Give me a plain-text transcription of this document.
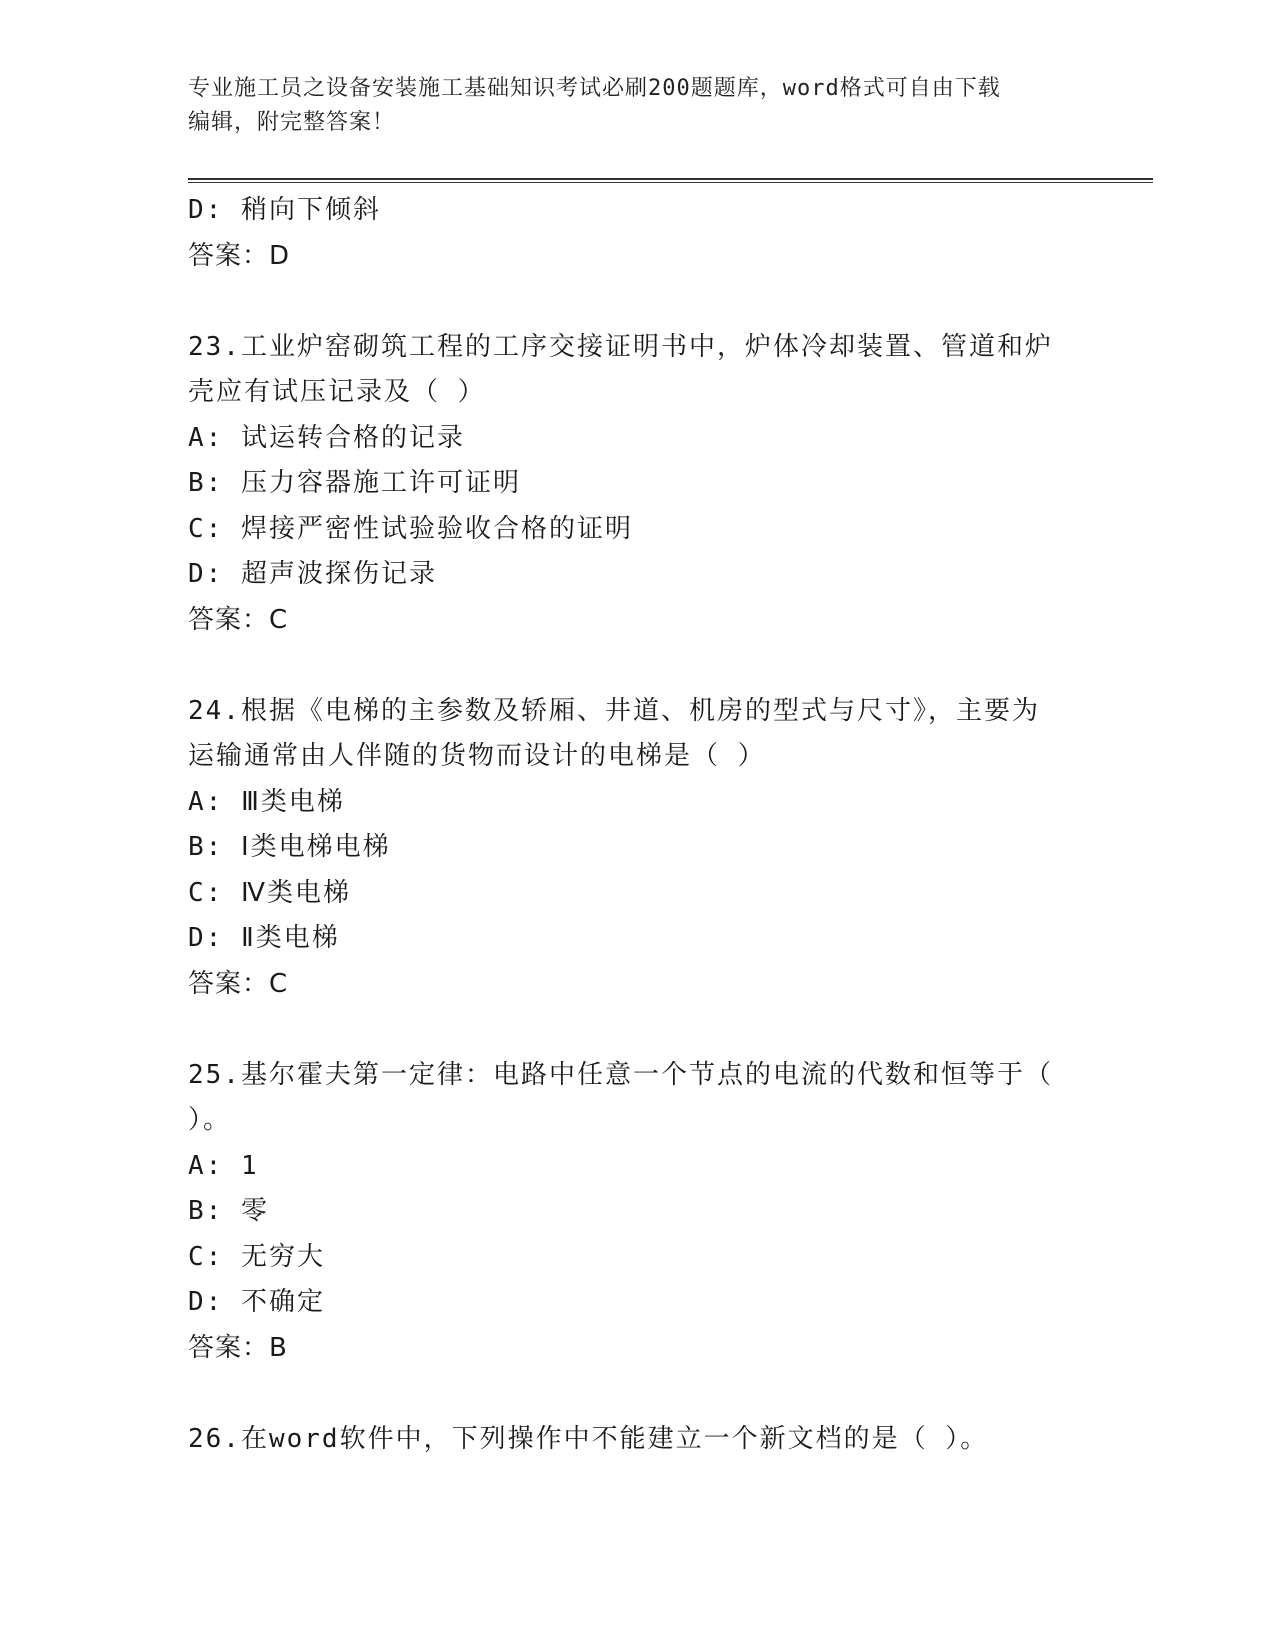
专业施工员之设备安装施工基础知识考试必刷200题题库，word格式可自由下载
编辑，附完整答案！
D: 稍向下倾斜
答案：D
23.工业炉窑砌筑工程的工序交接证明书中，炉体冷却装置、管道和炉
壳应有试压记录及（ ）
A: 试运转合格的记录
B: 压力容器施工许可证明
C: 焊接严密性试验验收合格的证明
D: 超声波探伤记录
答案：C
24.根据《电梯的主参数及轿厢、井道、机房的型式与尺寸》，主要为
运输通常由人伴随的货物而设计的电梯是（ ）
A: Ⅲ类电梯
B: Ⅰ类电梯电梯
C: Ⅳ类电梯
D: Ⅱ类电梯
答案：C
25.基尔霍夫第一定律：电路中任意一个节点的电流的代数和恒等于（
）。
A: 1
B: 零
C: 无穷大
D: 不确定
答案：B
26.在word软件中，下列操作中不能建立一个新文档的是（ ）。
